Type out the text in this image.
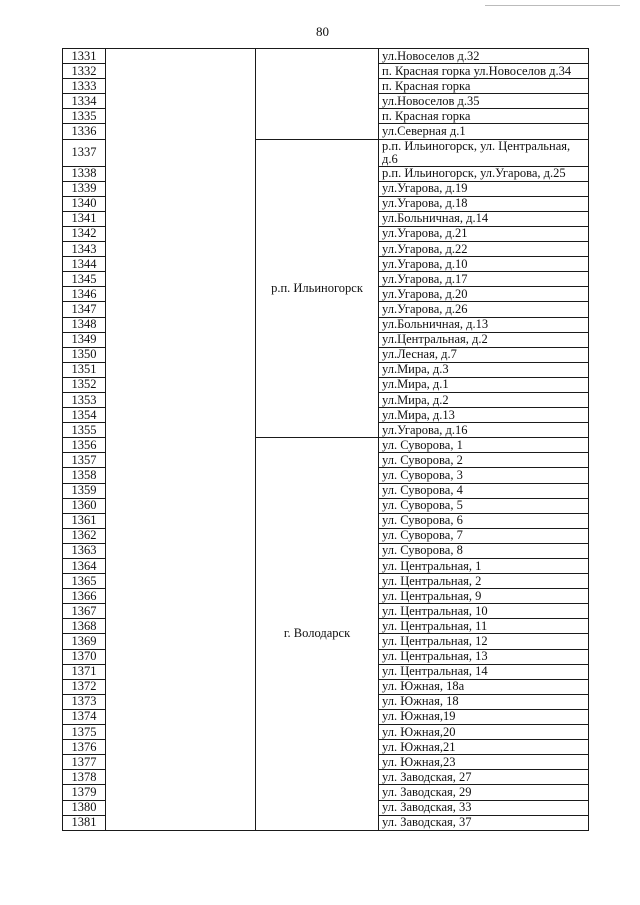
80
1331			ул.Новоселов д.32
1332			п. Красная горка ул.Новоселов д.34
1333			п. Красная горка
1334			ул.Новоселов д.35
1335			п. Красная горка
1336			ул.Северная д.1
1337		р.п. Ильиногорск	р.п. Ильиногорск, ул. Центральная, д.6
1338			р.п. Ильиногорск, ул.Угарова, д.25
1339			ул.Угарова, д.19
1340			ул.Угарова, д.18
1341			ул.Больничная, д.14
1342			ул.Угарова, д.21
1343			ул.Угарова, д.22
1344			ул.Угарова, д.10
1345			ул.Угарова, д.17
1346			ул.Угарова, д.20
1347			ул.Угарова, д.26
1348			ул.Больничная, д.13
1349			ул.Центральная, д.2
1350			ул.Лесная, д.7
1351			ул.Мира, д.3
1352			ул.Мира, д.1
1353			ул.Мира, д.2
1354			ул.Мира, д.13
1355			ул.Угарова, д.16
1356		г. Володарск	ул. Суворова, 1
1357			ул. Суворова, 2
1358			ул. Суворова, 3
1359			ул. Суворова, 4
1360			ул. Суворова, 5
1361			ул. Суворова, 6
1362			ул. Суворова, 7
1363			ул. Суворова, 8
1364			ул. Центральная, 1
1365			ул. Центральная, 2
1366			ул. Центральная, 9
1367			ул. Центральная, 10
1368			ул. Центральная, 11
1369			ул. Центральная, 12
1370			ул. Центральная, 13
1371			ул. Центральная, 14
1372			ул. Южная, 18а
1373			ул. Южная, 18
1374			ул. Южная,19
1375			ул. Южная,20
1376			ул. Южная,21
1377			ул. Южная,23
1378			ул. Заводская, 27
1379			ул. Заводская, 29
1380			ул. Заводская, 33
1381			ул. Заводская, 37
